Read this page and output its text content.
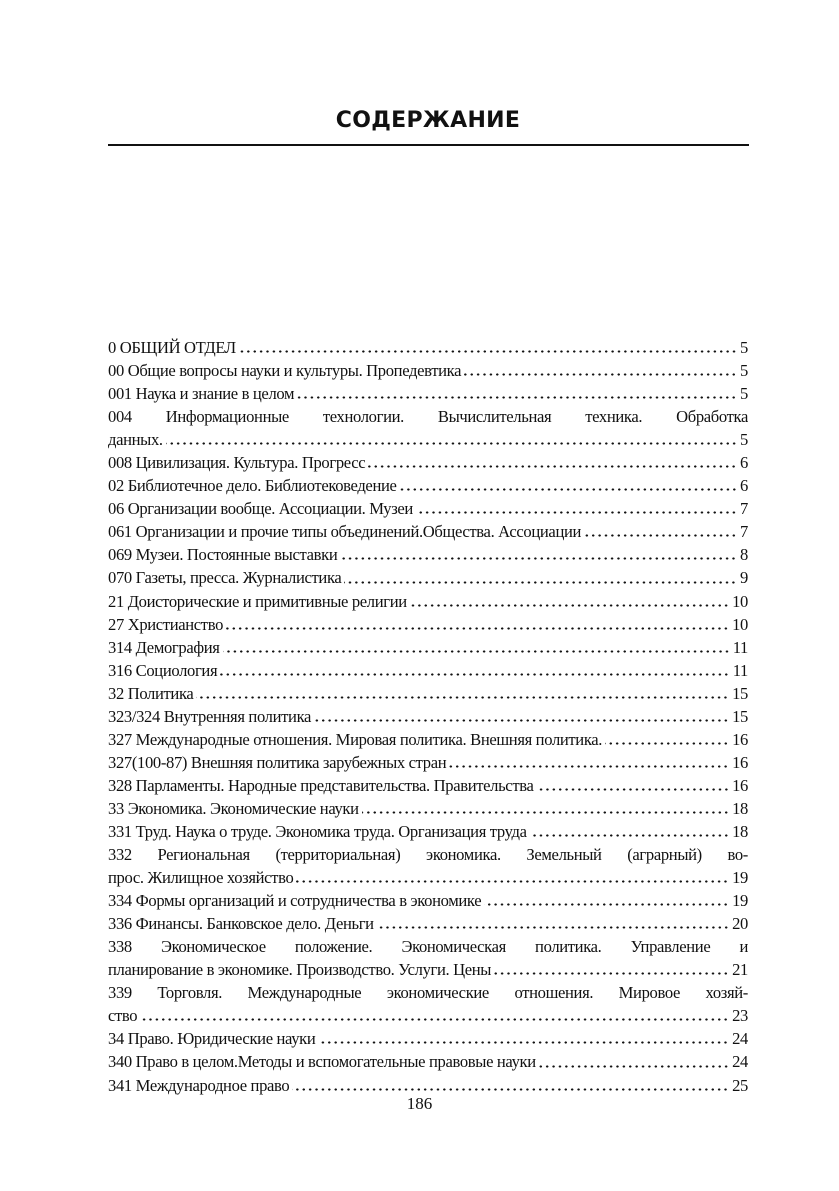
СОДЕРЖАНИЕ
0 ОБЩИЙ ОТДЕЛ	5
00 Общие вопросы науки и культуры. Пропедевтика	5
001 Наука и знание в целом	5
004 Информационные технологии. Вычислительная техника. Обработка
данных.	5
008 Цивилизация. Культура. Прогресс	6
02 Библиотечное дело. Библиотековедение	6
06 Организации вообще. Ассоциации. Музеи	7
061 Организации и прочие типы объединений.Общества. Ассоциации	7
069 Музеи. Постоянные выставки	8
070 Газеты, пресса. Журналистика	9
21 Доисторические и примитивные религии	10
27 Христианство	10
314 Демография	11
316 Социология	11
32 Политика	15
323/324 Внутренняя политика	15
327 Международные отношения. Мировая политика. Внешняя политика.	16
327(100-87) Внешняя политика зарубежных стран	16
328 Парламенты. Народные представительства. Правительства	16
33 Экономика. Экономические науки	18
331 Труд. Наука о труде. Экономика труда. Организация труда	18
332 Региональная (территориальная) экономика. Земельный (аграрный) во-
прос. Жилищное хозяйство	19
334 Формы организаций и сотрудничества в экономике	19
336 Финансы. Банковское дело. Деньги	20
338 Экономическое положение. Экономическая политика. Управление и
планирование в экономике. Производство. Услуги. Цены	21
339 Торговля. Международные экономические отношения. Мировое хозяй-
ство	23
34 Право. Юридические науки	24
340 Право в целом.Методы и вспомогательные правовые науки	24
341 Международное право	25
186
